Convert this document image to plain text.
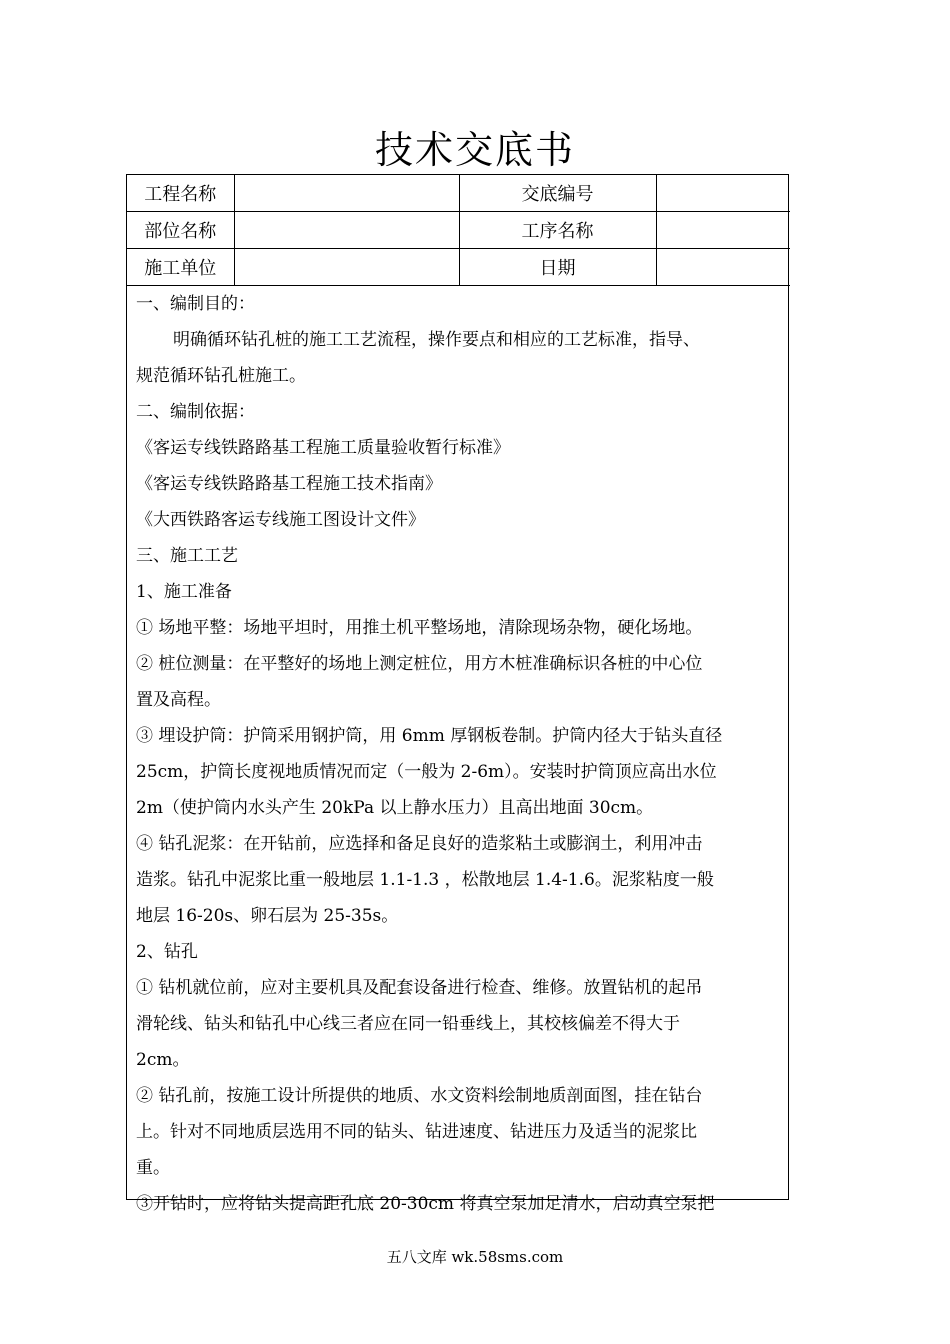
技术交底书
工程名称		交底编号	
部位名称		工序名称	
施工单位		日期	
一、编制目的：
明确循环钻孔桩的施工工艺流程，操作要点和相应的工艺标准，指导、
规范循环钻孔桩施工。
二、编制依据：
《客运专线铁路路基工程施工质量验收暂行标准》
《客运专线铁路路基工程施工技术指南》
《大西铁路客运专线施工图设计文件》
三、施工工艺
1、施工准备
① 场地平整：场地平坦时，用推土机平整场地，清除现场杂物，硬化场地。
② 桩位测量：在平整好的场地上测定桩位，用方木桩准确标识各桩的中心位
置及高程。
③ 埋设护筒：护筒采用钢护筒，用 6mm 厚钢板卷制。护筒内径大于钻头直径
25cm，护筒长度视地质情况而定（一般为 2-6m）。安装时护筒顶应高出水位
2m（使护筒内水头产生 20kPa 以上静水压力）且高出地面 30cm。
④ 钻孔泥浆：在开钻前，应选择和备足良好的造浆粘土或膨润土，利用冲击
造浆。钻孔中泥浆比重一般地层 1.1-1.3 ，松散地层 1.4-1.6。泥浆粘度一般
地层 16-20s、卵石层为 25-35s。
2、钻孔
① 钻机就位前，应对主要机具及配套设备进行检查、维修。放置钻机的起吊
滑轮线、钻头和钻孔中心线三者应在同一铅垂线上，其校核偏差不得大于
2cm。
② 钻孔前，按施工设计所提供的地质、水文资料绘制地质剖面图，挂在钻台
上。针对不同地质层选用不同的钻头、钻进速度、钻进压力及适当的泥浆比
重。
③开钻时，应将钻头提高距孔底 20-30cm 将真空泵加足清水，启动真空泵把
五八文库 wk.58sms.com
